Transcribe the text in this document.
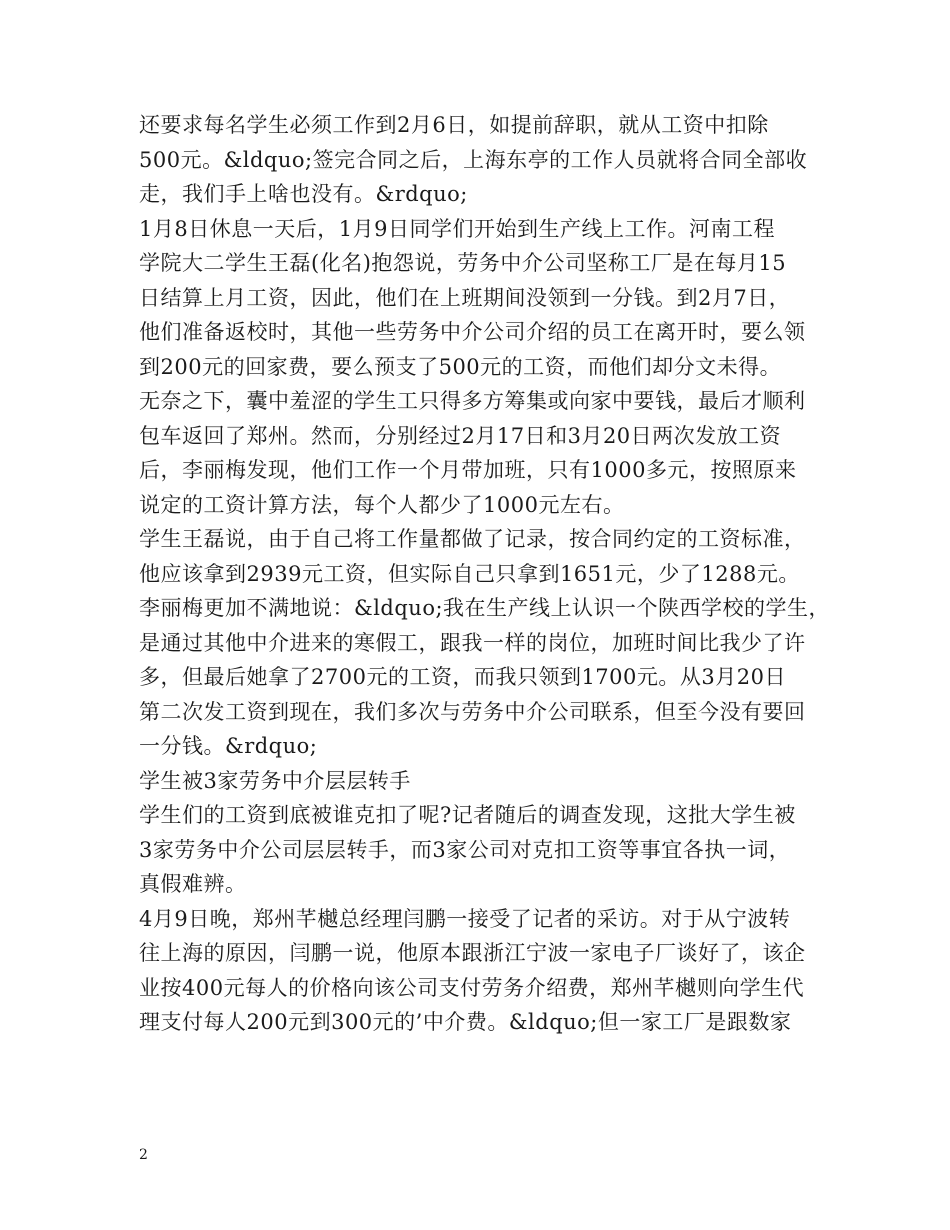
还要求每名学生必须工作到2月6日，如提前辞职，就从工资中扣除
500元。&ldquo;签完合同之后，上海东亭的工作人员就将合同全部收
走，我们手上啥也没有。&rdquo;
1月8日休息一天后，1月9日同学们开始到生产线上工作。河南工程
学院大二学生王磊(化名)抱怨说，劳务中介公司坚称工厂是在每月15
日结算上月工资，因此，他们在上班期间没领到一分钱。到2月7日，
他们准备返校时，其他一些劳务中介公司介绍的员工在离开时，要么领
到200元的回家费，要么预支了500元的工资，而他们却分文未得。
无奈之下，囊中羞涩的学生工只得多方筹集或向家中要钱，最后才顺利
包车返回了郑州。然而，分别经过2月17日和3月20日两次发放工资
后，李丽梅发现，他们工作一个月带加班，只有1000多元，按照原来
说定的工资计算方法，每个人都少了1000元左右。
学生王磊说，由于自己将工作量都做了记录，按合同约定的工资标准，
他应该拿到2939元工资，但实际自己只拿到1651元，少了1288元。
李丽梅更加不满地说：&ldquo;我在生产线上认识一个陕西学校的学生，
是通过其他中介进来的寒假工，跟我一样的岗位，加班时间比我少了许
多，但最后她拿了2700元的工资，而我只领到1700元。从3月20日
第二次发工资到现在，我们多次与劳务中介公司联系，但至今没有要回
一分钱。&rdquo;
学生被3家劳务中介层层转手
学生们的工资到底被谁克扣了呢?记者随后的调查发现，这批大学生被
3家劳务中介公司层层转手，而3家公司对克扣工资等事宜各执一词，
真假难辨。
4月9日晚，郑州芊樾总经理闫鹏一接受了记者的采访。对于从宁波转
往上海的原因，闫鹏一说，他原本跟浙江宁波一家电子厂谈好了，该企
业按400元每人的价格向该公司支付劳务介绍费，郑州芊樾则向学生代
理支付每人200元到300元的’中介费。&ldquo;但一家工厂是跟数家
2
